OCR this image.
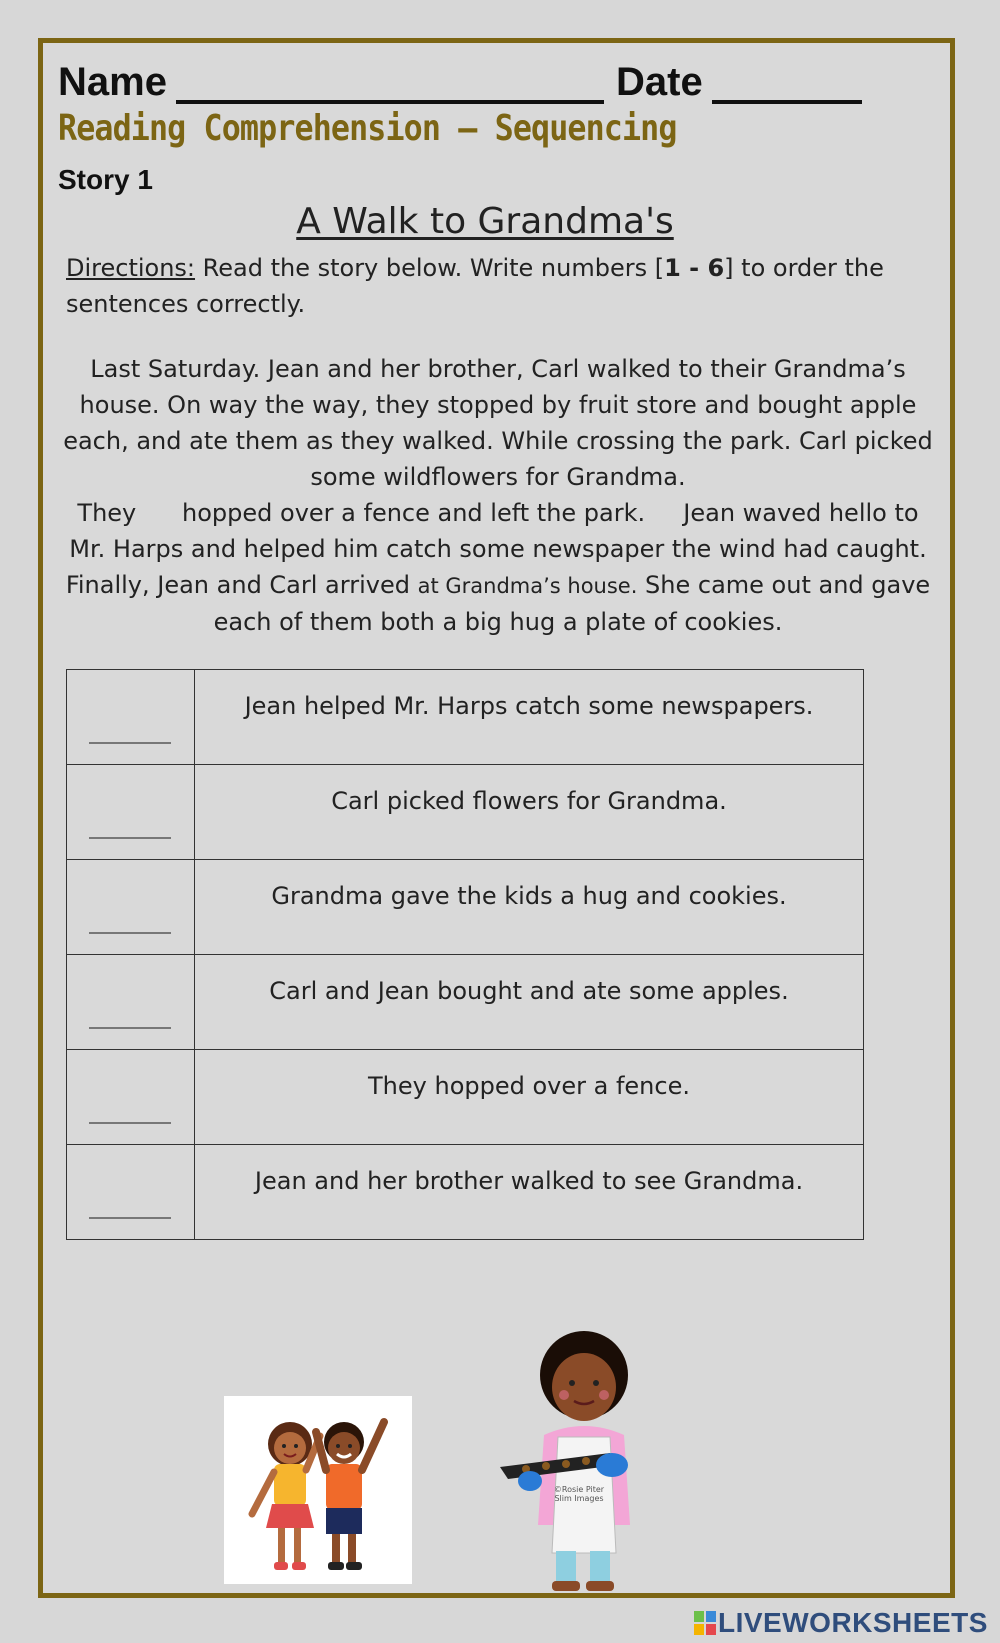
Name	Date
Reading Comprehension – Sequencing
Story 1
A Walk to Grandma's
Directions: Read the story below. Write numbers [1 - 6] to order the sentences correctly.
Last Saturday. Jean and her brother, Carl walked to their Grandma’s house. On way the way, they stopped by fruit store and bought apple each, and ate them as they walked. While crossing the park. Carl picked some wildflowers for Grandma.
They      hopped over a fence and left the park.     Jean waved hello to Mr. Harps and helped him catch some newspaper the wind had caught. Finally, Jean and Carl arrived at Grandma’s house. She came out and gave each of them both a big hug a plate of cookies.
	Jean helped Mr. Harps catch some newspapers.

	Carl picked flowers for Grandma.

	Grandma gave the kids a hug and cookies.

	Carl and Jean bought and ate some apples.

	They hopped over a fence.

	Jean and her brother walked to see Grandma.
©Rosie Piter Slim Images
LIVEWORKSHEETS
